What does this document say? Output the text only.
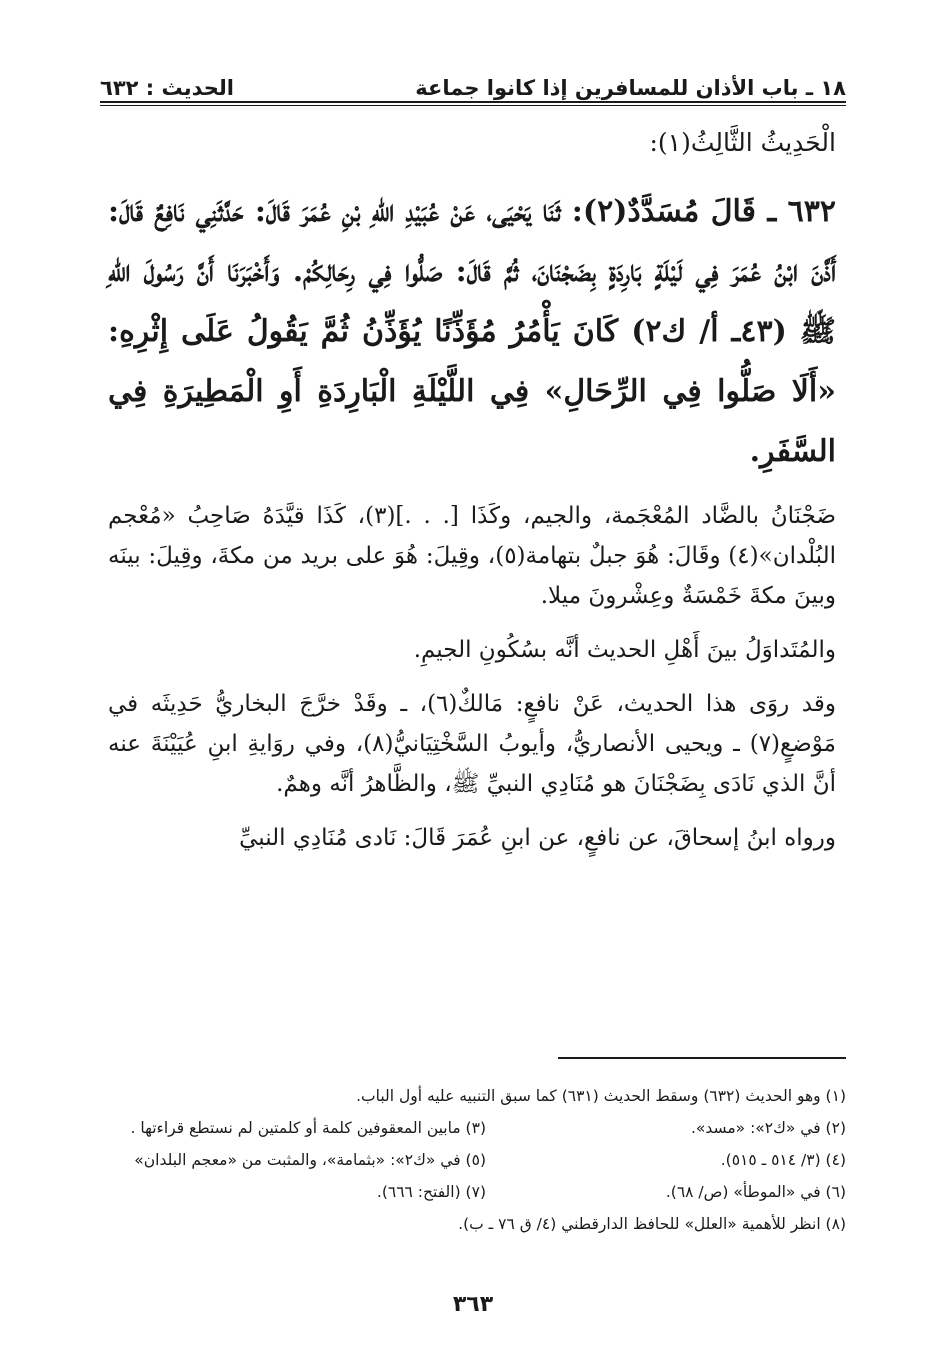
١٨ ـ باب الأذان للمسافرين إذا كانوا جماعة
الحديث : ٦٣٢
الْحَدِيثُ الثَّالِثُ(١):
٦٣٢ ـ قَالَ مُسَدَّدٌ(٢): ثَنَا يَحْيَى، عَنْ عُبَيْدِ اللهِ بْنِ عُمَرَ قَالَ: حَدَّثَنِي نَافِعٌ قَالَ: أَذَّنَ ابْنُ عُمَرَ فِي لَيْلَةٍ بَارِدَةٍ بِضَجْنَانَ، ثُمَّ قَالَ: صَلُّوا فِي رِحَالِكُمْ. وَأَخْبَرَنَا أَنَّ رَسُولَ اللهِ ﷺ (٤٣ـ أ/ ك٢) كَانَ يَأْمُرُ مُؤَذِّنًا يُؤَذِّنُ ثُمَّ يَقُولُ عَلَى إِثْرِهِ: «أَلَا صَلُّوا فِي الرِّحَالِ» فِي اللَّيْلَةِ الْبَارِدَةِ أَوِ الْمَطِيرَةِ فِي السَّفَرِ.
ضَجْنَانُ بالضَّاد المُعْجَمة، والجيم، وكَذَا [. . .](٣)، كَذَا قيَّدَهُ صَاحِبُ «مُعْجم البُلْدان»(٤) وقَالَ: هُوَ جبلٌ بتهامة(٥)، وقِيلَ: هُوَ على بريد من مكةَ، وقِيلَ: بينَه وبينَ مكةَ خَمْسَةٌ وعِشْرونَ ميلا.
والمُتَداوَلُ بينَ أَهْلِ الحديث أنَّه بسُكُونِ الجيمِ.
وقد روَى هذا الحديث، عَنْ نافعٍ: مَالكٌ(٦)، ـ وقَدْ خرَّجَ البخاريُّ حَدِيثَه في مَوْضعٍ(٧) ـ ويحيى الأنصاريُّ، وأيوبُ السَّخْتِيَانيُّ(٨)، وفي روَايةِ ابنِ عُيَيْنَةَ عنه أنَّ الذي نَادَى بِضَجْنَانَ هو مُنَادِي النبيِّ ﷺ، والظَّاهرُ أنَّه وهمٌ.
ورواه ابنُ إسحاقَ، عن نافعٍ، عن ابنِ عُمَرَ قَالَ: نَادى مُنَادِي النبيِّ
(١) وهو الحديث (٦٣٢) وسقط الحديث (٦٣١) كما سبق التنبيه عليه أول الباب.
(٢) في «ك٢»: «مسد».
(٣) مابين المعقوفين كلمة أو كلمتين لم نستطع قراءتها .
(٤) (٣/ ٥١٤ ـ ٥١٥).
(٥) في «ك٢»: «بثمامة»، والمثبت من «معجم البلدان»
(٦) في «الموطأ» (ص/ ٦٨).
(٧) (الفتح: ٦٦٦).
(٨) انظر للأهمية «العلل» للحافظ الدارقطني (٤/ ق ٧٦ ـ ب).
٣٦٣
